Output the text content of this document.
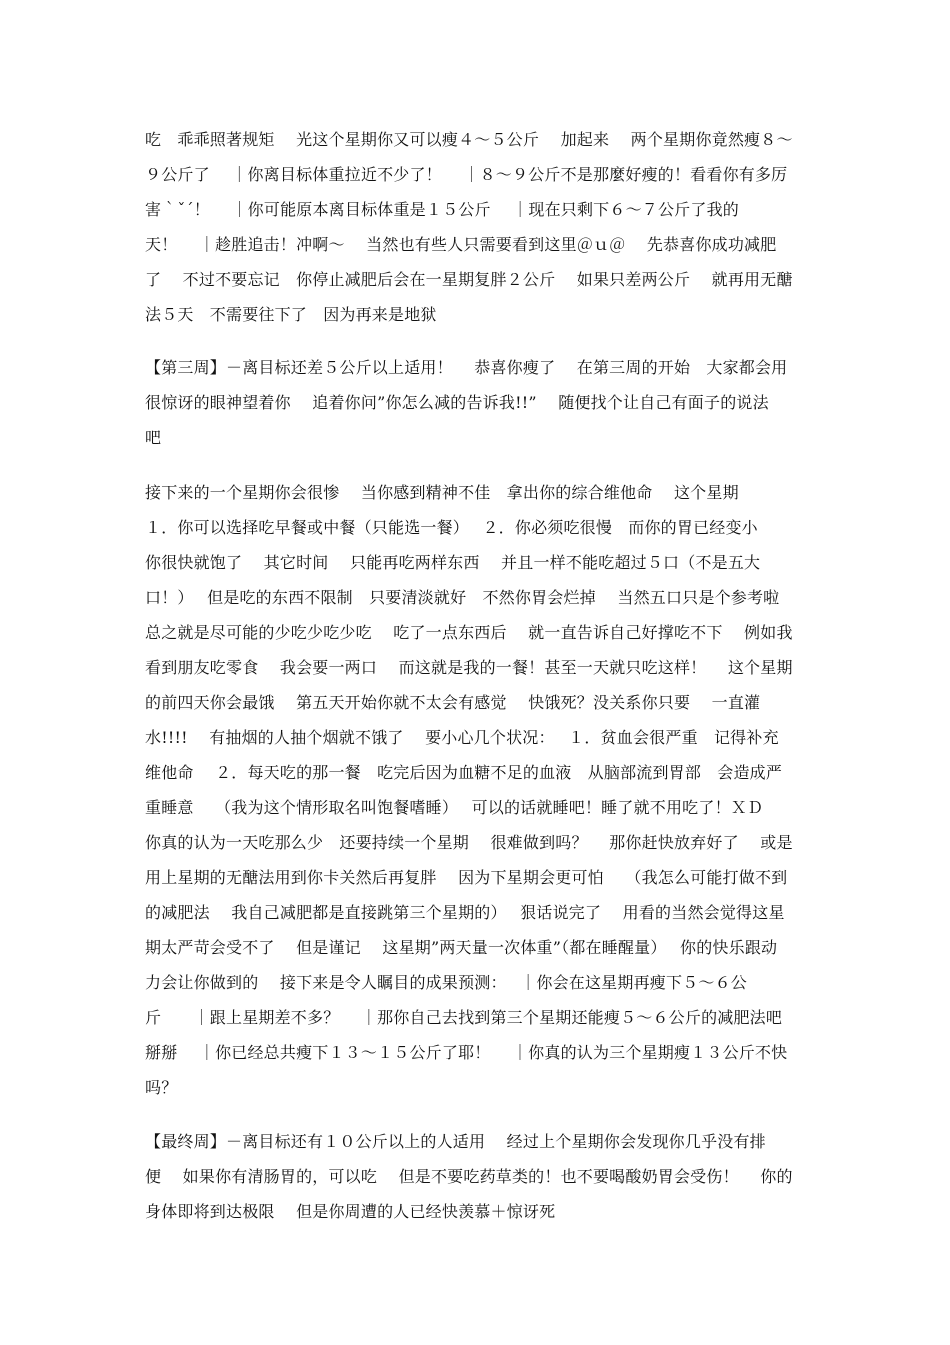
吃　乖乖照著规矩　 光这个星期你又可以瘦４～５公斤　 加起来　 两个星期你竟然瘦８～
９公斤了　 ｜你离目标体重拉近不少了！　 ｜８～９公斤不是那麼好瘦的！看看你有多厉
害｀ˇ´！　 ｜你可能原本离目标体重是１５公斤　 ｜现在只剩下６～７公斤了我的
天！　 ｜趁胜追击！冲啊～　 当然也有些人只需要看到这里＠ｕ＠　 先恭喜你成功减肥
了　 不过不要忘记　你停止减肥后会在一星期复胖２公斤　 如果只差两公斤　 就再用无醣
法５天　不需要往下了　因为再来是地狱

【第三周】－离目标还差５公斤以上适用！　 恭喜你瘦了　 在第三周的开始　大家都会用
很惊讶的眼神望着你　 追着你问”你怎么减的告诉我!!”　 随便找个让自己有面子的说法
吧

接下来的一个星期你会很惨　 当你感到精神不佳　拿出你的综合维他命　 这个星期
１．你可以选择吃早餐或中餐（只能选一餐）　 ２．你必须吃很慢　而你的胃已经变小
你很快就饱了　 其它时间　 只能再吃两样东西　 并且一样不能吃超过５口（不是五大
口！）　 但是吃的东西不限制　只要清淡就好　不然你胃会烂掉　 当然五口只是个参考啦
总之就是尽可能的少吃少吃少吃　 吃了一点东西后　 就一直告诉自己好撑吃不下　 例如我
看到朋友吃零食　 我会要一两口　 而这就是我的一餐！甚至一天就只吃这样！　 这个星期
的前四天你会最饿　 第五天开始你就不太会有感觉　 快饿死？没关系你只要　 一直灌
水!!!!　 有抽烟的人抽个烟就不饿了　 要小心几个状况：　 １．贫血会很严重　记得补充
维他命　 ２．每天吃的那一餐　吃完后因为血糖不足的血液　从脑部流到胃部　会造成严
重睡意　 （我为这个情形取名叫饱餐嗜睡）　 可以的话就睡吧！睡了就不用吃了！ＸＤ
你真的认为一天吃那么少　还要持续一个星期　 很难做到吗？　 那你赶快放弃好了　 或是
用上星期的无醣法用到你卡关然后再复胖　 因为下星期会更可怕　 （我怎么可能打做不到
的减肥法　 我自己减肥都是直接跳第三个星期的）　 狠话说完了　 用看的当然会觉得这星
期太严苛会受不了　 但是谨记　 这星期”两天量一次体重”（都在睡醒量）　 你的快乐跟动
力会让你做到的　 接下来是令人瞩目的成果预测：　 ｜你会在这星期再瘦下５～６公
斤　　｜跟上星期差不多？　 ｜那你自己去找到第三个星期还能瘦５～６公斤的减肥法吧
掰掰　 ｜你已经总共瘦下１３～１５公斤了耶！　 ｜你真的认为三个星期瘦１３公斤不快
吗？

【最终周】－离目标还有１０公斤以上的人适用　 经过上个星期你会发现你几乎没有排
便　 如果你有清肠胃的，可以吃　 但是不要吃药草类的！也不要喝酸奶胃会受伤！　 你的
身体即将到达极限　 但是你周遭的人已经快羡慕＋惊讶死
